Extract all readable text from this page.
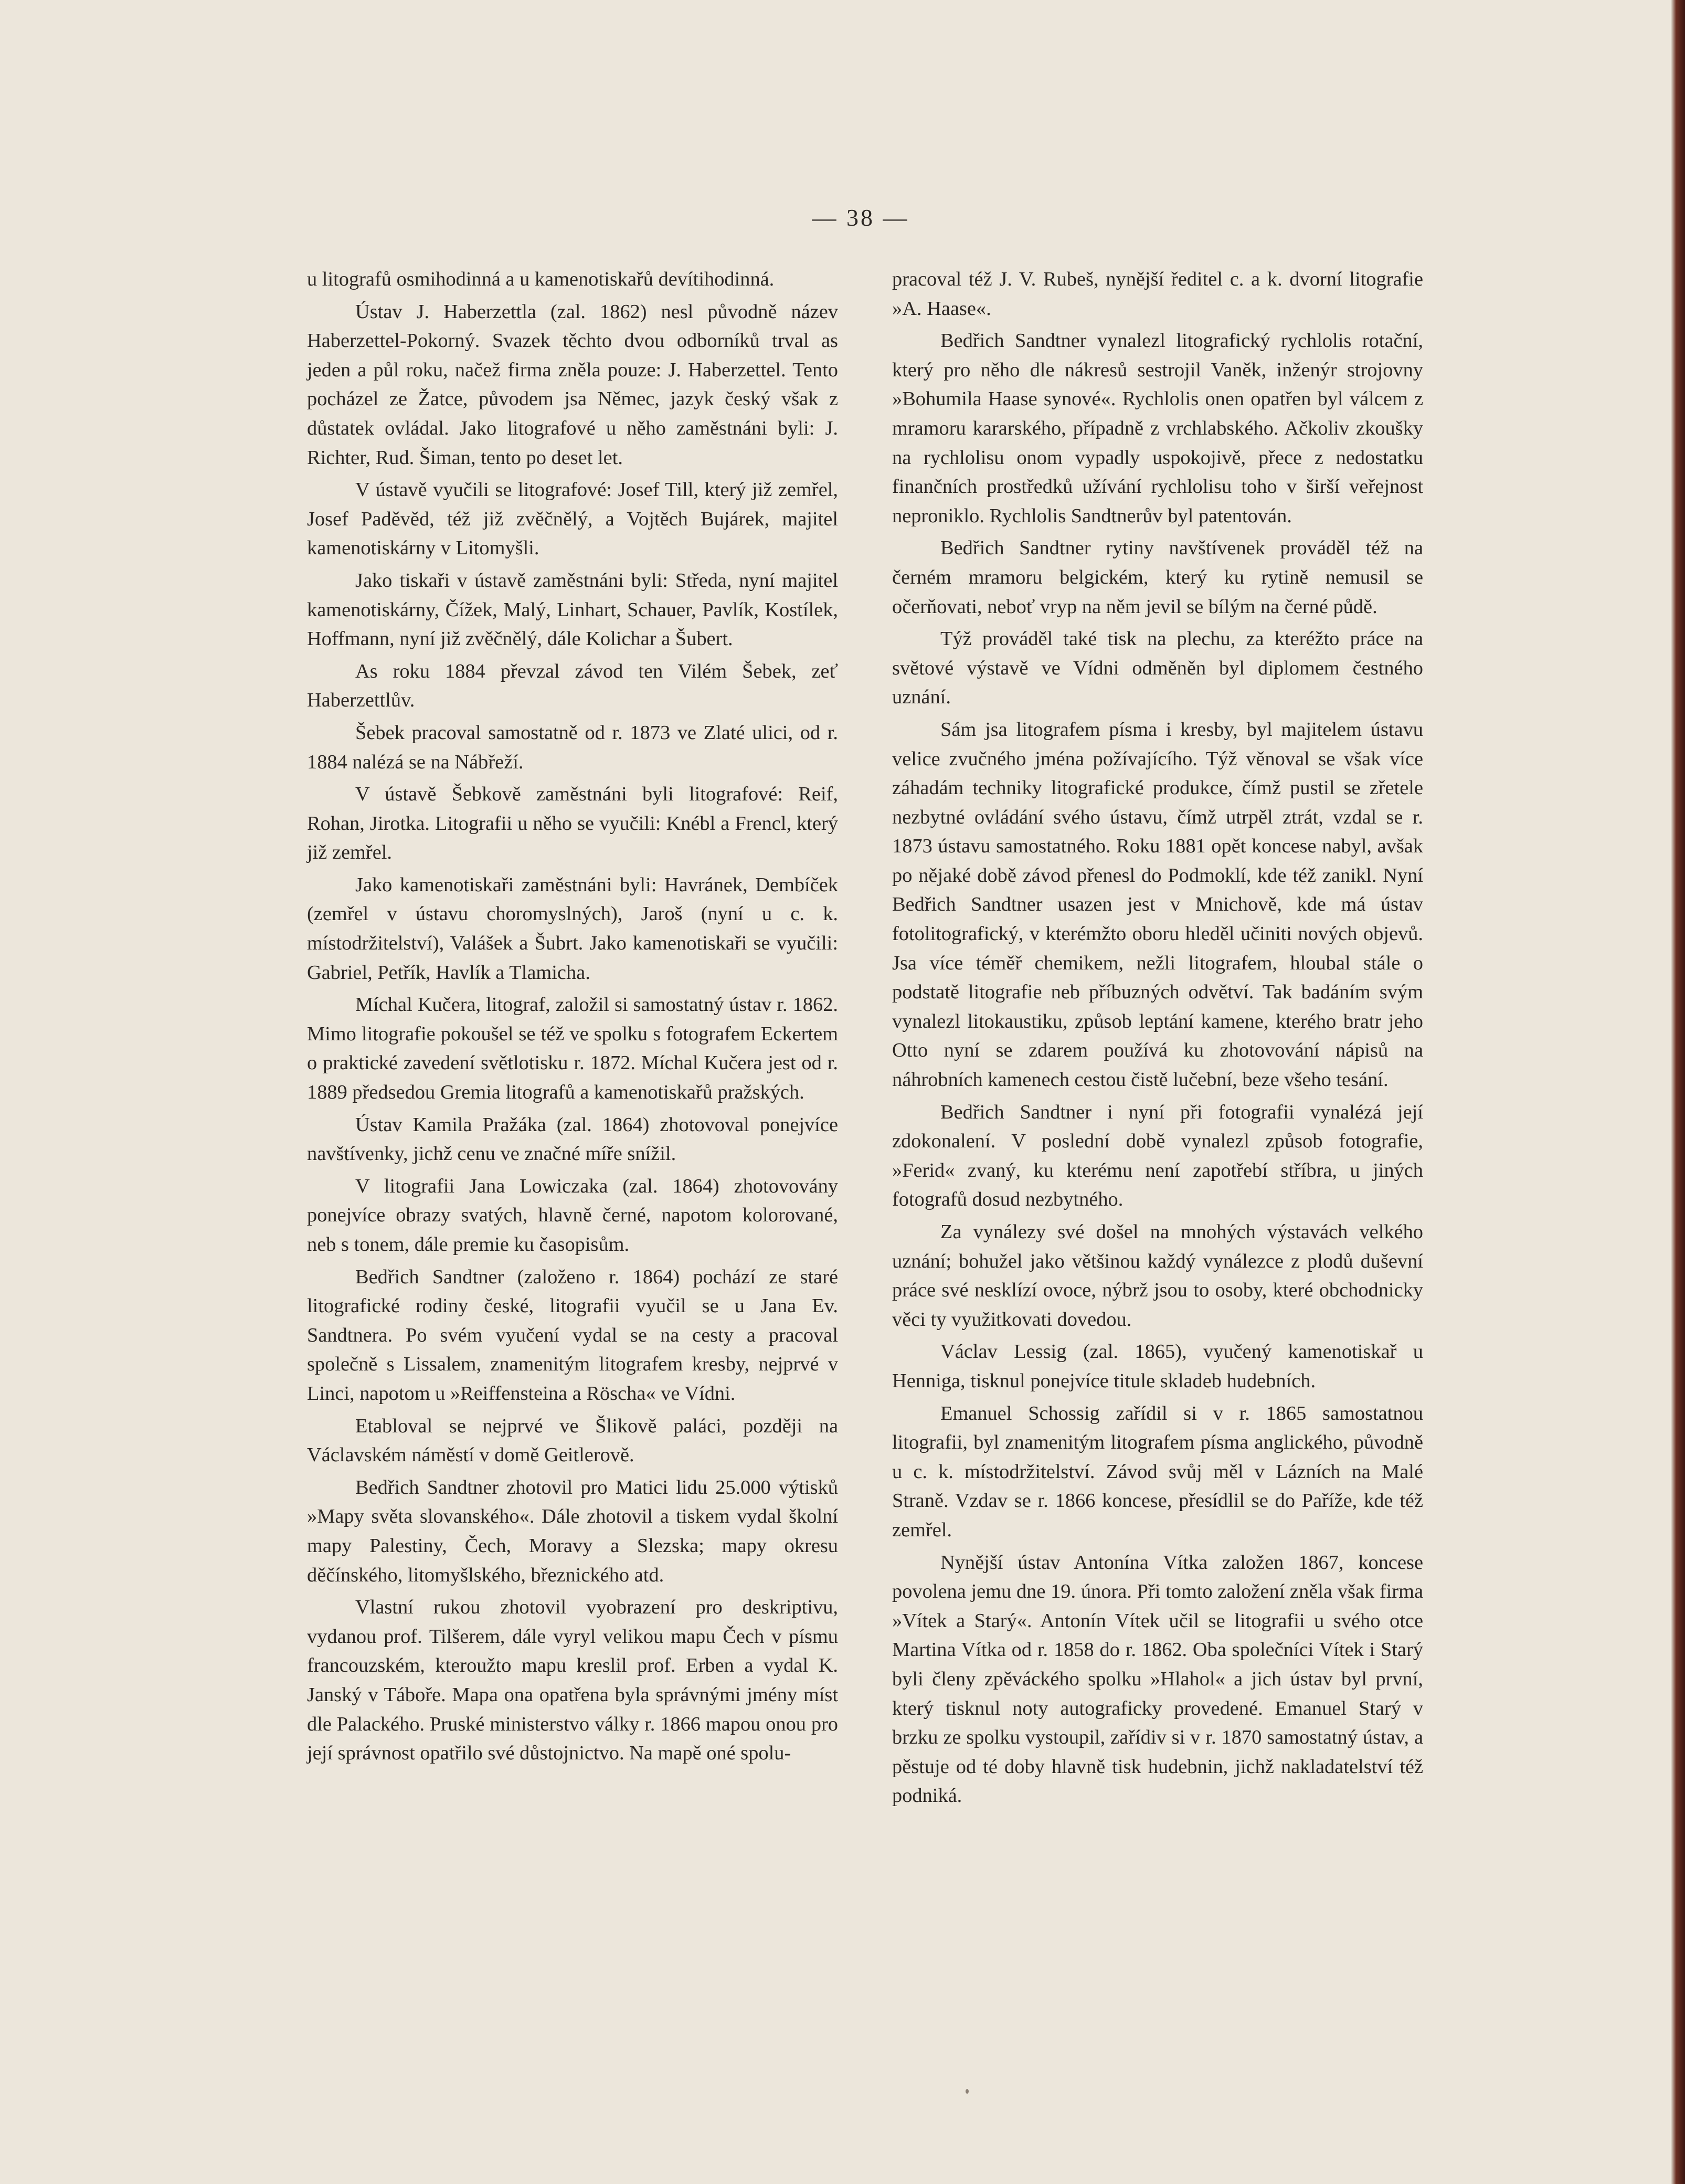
— 38 —

u litografů osmihodinná a u kamenotiskařů devítihodinná.

Ústav J. Haberzettla (zal. 1862) nesl původně název Haberzettel-Pokorný. Svazek těchto dvou odborníků trval as jeden a půl roku, načež firma zněla pouze: J. Haberzettel. Tento pocházel ze Žatce, původem jsa Němec, jazyk český však z důstatek ovládal. Jako litografové u něho zaměstnáni byli: J. Richter, Rud. Šiman, tento po deset let.

V ústavě vyučili se litografové: Josef Till, který již zemřel, Josef Paděvěd, též již zvěčnělý, a Vojtěch Bujárek, majitel kamenotiskárny v Litomyšli.

Jako tiskaři v ústavě zaměstnáni byli: Středa, nyní majitel kamenotiskárny, Čížek, Malý, Linhart, Schauer, Pavlík, Kostílek, Hoffmann, nyní již zvěčnělý, dále Kolichar a Šubert.

As roku 1884 převzal závod ten Vilém Šebek, zeť Haberzettlův.

Šebek pracoval samostatně od r. 1873 ve Zlaté ulici, od r. 1884 nalézá se na Nábřeží.

V ústavě Šebkově zaměstnáni byli litografové: Reif, Rohan, Jirotka. Litografii u něho se vyučili: Knébl a Frencl, který již zemřel.

Jako kamenotiskaři zaměstnáni byli: Havránek, Dembíček (zemřel v ústavu choromyslných), Jaroš (nyní u c. k. místodržitelství), Valášek a Šubrt. Jako kamenotiskaři se vyučili: Gabriel, Petřík, Havlík a Tlamicha.

Míchal Kučera, litograf, založil si samostatný ústav r. 1862. Mimo litografie pokoušel se též ve spolku s fotografem Eckertem o praktické zavedení světlotisku r. 1872. Míchal Kučera jest od r. 1889 předsedou Gremia litografů a kamenotiskařů pražských.

Ústav Kamila Pražáka (zal. 1864) zhotovoval ponejvíce navštívenky, jichž cenu ve značné míře snížil.

V litografii Jana Lowiczaka (zal. 1864) zhotovovány ponejvíce obrazy svatých, hlavně černé, napotom kolorované, neb s tonem, dále premie ku časopisům.

Bedřich Sandtner (založeno r. 1864) pochází ze staré litografické rodiny české, litografii vyučil se u Jana Ev. Sandtnera. Po svém vyučení vydal se na cesty a pracoval společně s Lissalem, znamenitým litografem kresby, nejprvé v Linci, napotom u »Reiffensteina a Röscha« ve Vídni.

Etabloval se nejprvé ve Šlikově paláci, později na Václavském náměstí v domě Geitlerově.

Bedřich Sandtner zhotovil pro Matici lidu 25.000 výtisků »Mapy světa slovanského«. Dále zhotovil a tiskem vydal školní mapy Palestiny, Čech, Moravy a Slezska; mapy okresu děčínského, litomyšlského, březnického atd.

Vlastní rukou zhotovil vyobrazení pro deskriptivu, vydanou prof. Tilšerem, dále vyryl velikou mapu Čech v písmu francouzském, kteroužto mapu kreslil prof. Erben a vydal K. Janský v Táboře. Mapa ona opatřena byla správnými jmény míst dle Palackého. Pruské ministerstvo války r. 1866 mapou onou pro její správnost opatřilo své důstojnictvo. Na mapě oné spolu-

pracoval též J. V. Rubeš, nynější ředitel c. a k. dvorní litografie »A. Haase«.

Bedřich Sandtner vynalezl litografický rychlolis rotační, který pro něho dle nákresů sestrojil Vaněk, inženýr strojovny »Bohumila Haase synové«. Rychlolis onen opatřen byl válcem z mramoru kararského, případně z vrchlabského. Ačkoliv zkoušky na rychlolisu onom vypadly uspokojivě, přece z nedostatku finančních prostředků užívání rychlolisu toho v širší veřejnost neproniklo. Rychlolis Sandtnerův byl patentován.

Bedřich Sandtner rytiny navštívenek prováděl též na černém mramoru belgickém, který ku rytině nemusil se očerňovati, neboť vryp na něm jevil se bílým na černé půdě.

Týž prováděl také tisk na plechu, za kteréžto práce na světové výstavě ve Vídni odměněn byl diplomem čestného uznání.

Sám jsa litografem písma i kresby, byl majitelem ústavu velice zvučného jména požívajícího. Týž věnoval se však více záhadám techniky litografické produkce, čímž pustil se zřetele nezbytné ovládání svého ústavu, čímž utrpěl ztrát, vzdal se r. 1873 ústavu samostatného. Roku 1881 opět koncese nabyl, avšak po nějaké době závod přenesl do Podmoklí, kde též zanikl. Nyní Bedřich Sandtner usazen jest v Mnichově, kde má ústav fotolitografický, v kterémžto oboru hleděl učiniti nových objevů. Jsa více téměř chemikem, nežli litografem, hloubal stále o podstatě litografie neb příbuzných odvětví. Tak badáním svým vynalezl litokaustiku, způsob leptání kamene, kterého bratr jeho Otto nyní se zdarem používá ku zhotovování nápisů na náhrobních kamenech cestou čistě lučební, beze všeho tesání.

Bedřich Sandtner i nyní při fotografii vynalézá její zdokonalení. V poslední době vynalezl způsob fotografie, »Ferid« zvaný, ku kterému není zapotřebí stříbra, u jiných fotografů dosud nezbytného.

Za vynálezy své došel na mnohých výstavách velkého uznání; bohužel jako většinou každý vynálezce z plodů duševní práce své nesklízí ovoce, nýbrž jsou to osoby, které obchodnicky věci ty využitkovati dovedou.

Václav Lessig (zal. 1865), vyučený kamenotiskař u Henniga, tisknul ponejvíce titule skladeb hudebních.

Emanuel Schossig zařídil si v r. 1865 samostatnou litografii, byl znamenitým litografem písma anglického, původně u c. k. místodržitelství. Závod svůj měl v Lázních na Malé Straně. Vzdav se r. 1866 koncese, přesídlil se do Paříže, kde též zemřel.

Nynější ústav Antonína Vítka založen 1867, koncese povolena jemu dne 19. února. Při tomto založení zněla však firma »Vítek a Starý«. Antonín Vítek učil se litografii u svého otce Martina Vítka od r. 1858 do r. 1862. Oba společníci Vítek i Starý byli členy zpěváckého spolku »Hlahol« a jich ústav byl první, který tisknul noty autograficky provedené. Emanuel Starý v brzku ze spolku vystoupil, zařídiv si v r. 1870 samostatný ústav, a pěstuje od té doby hlavně tisk hudebnin, jichž nakladatelství též podniká.
